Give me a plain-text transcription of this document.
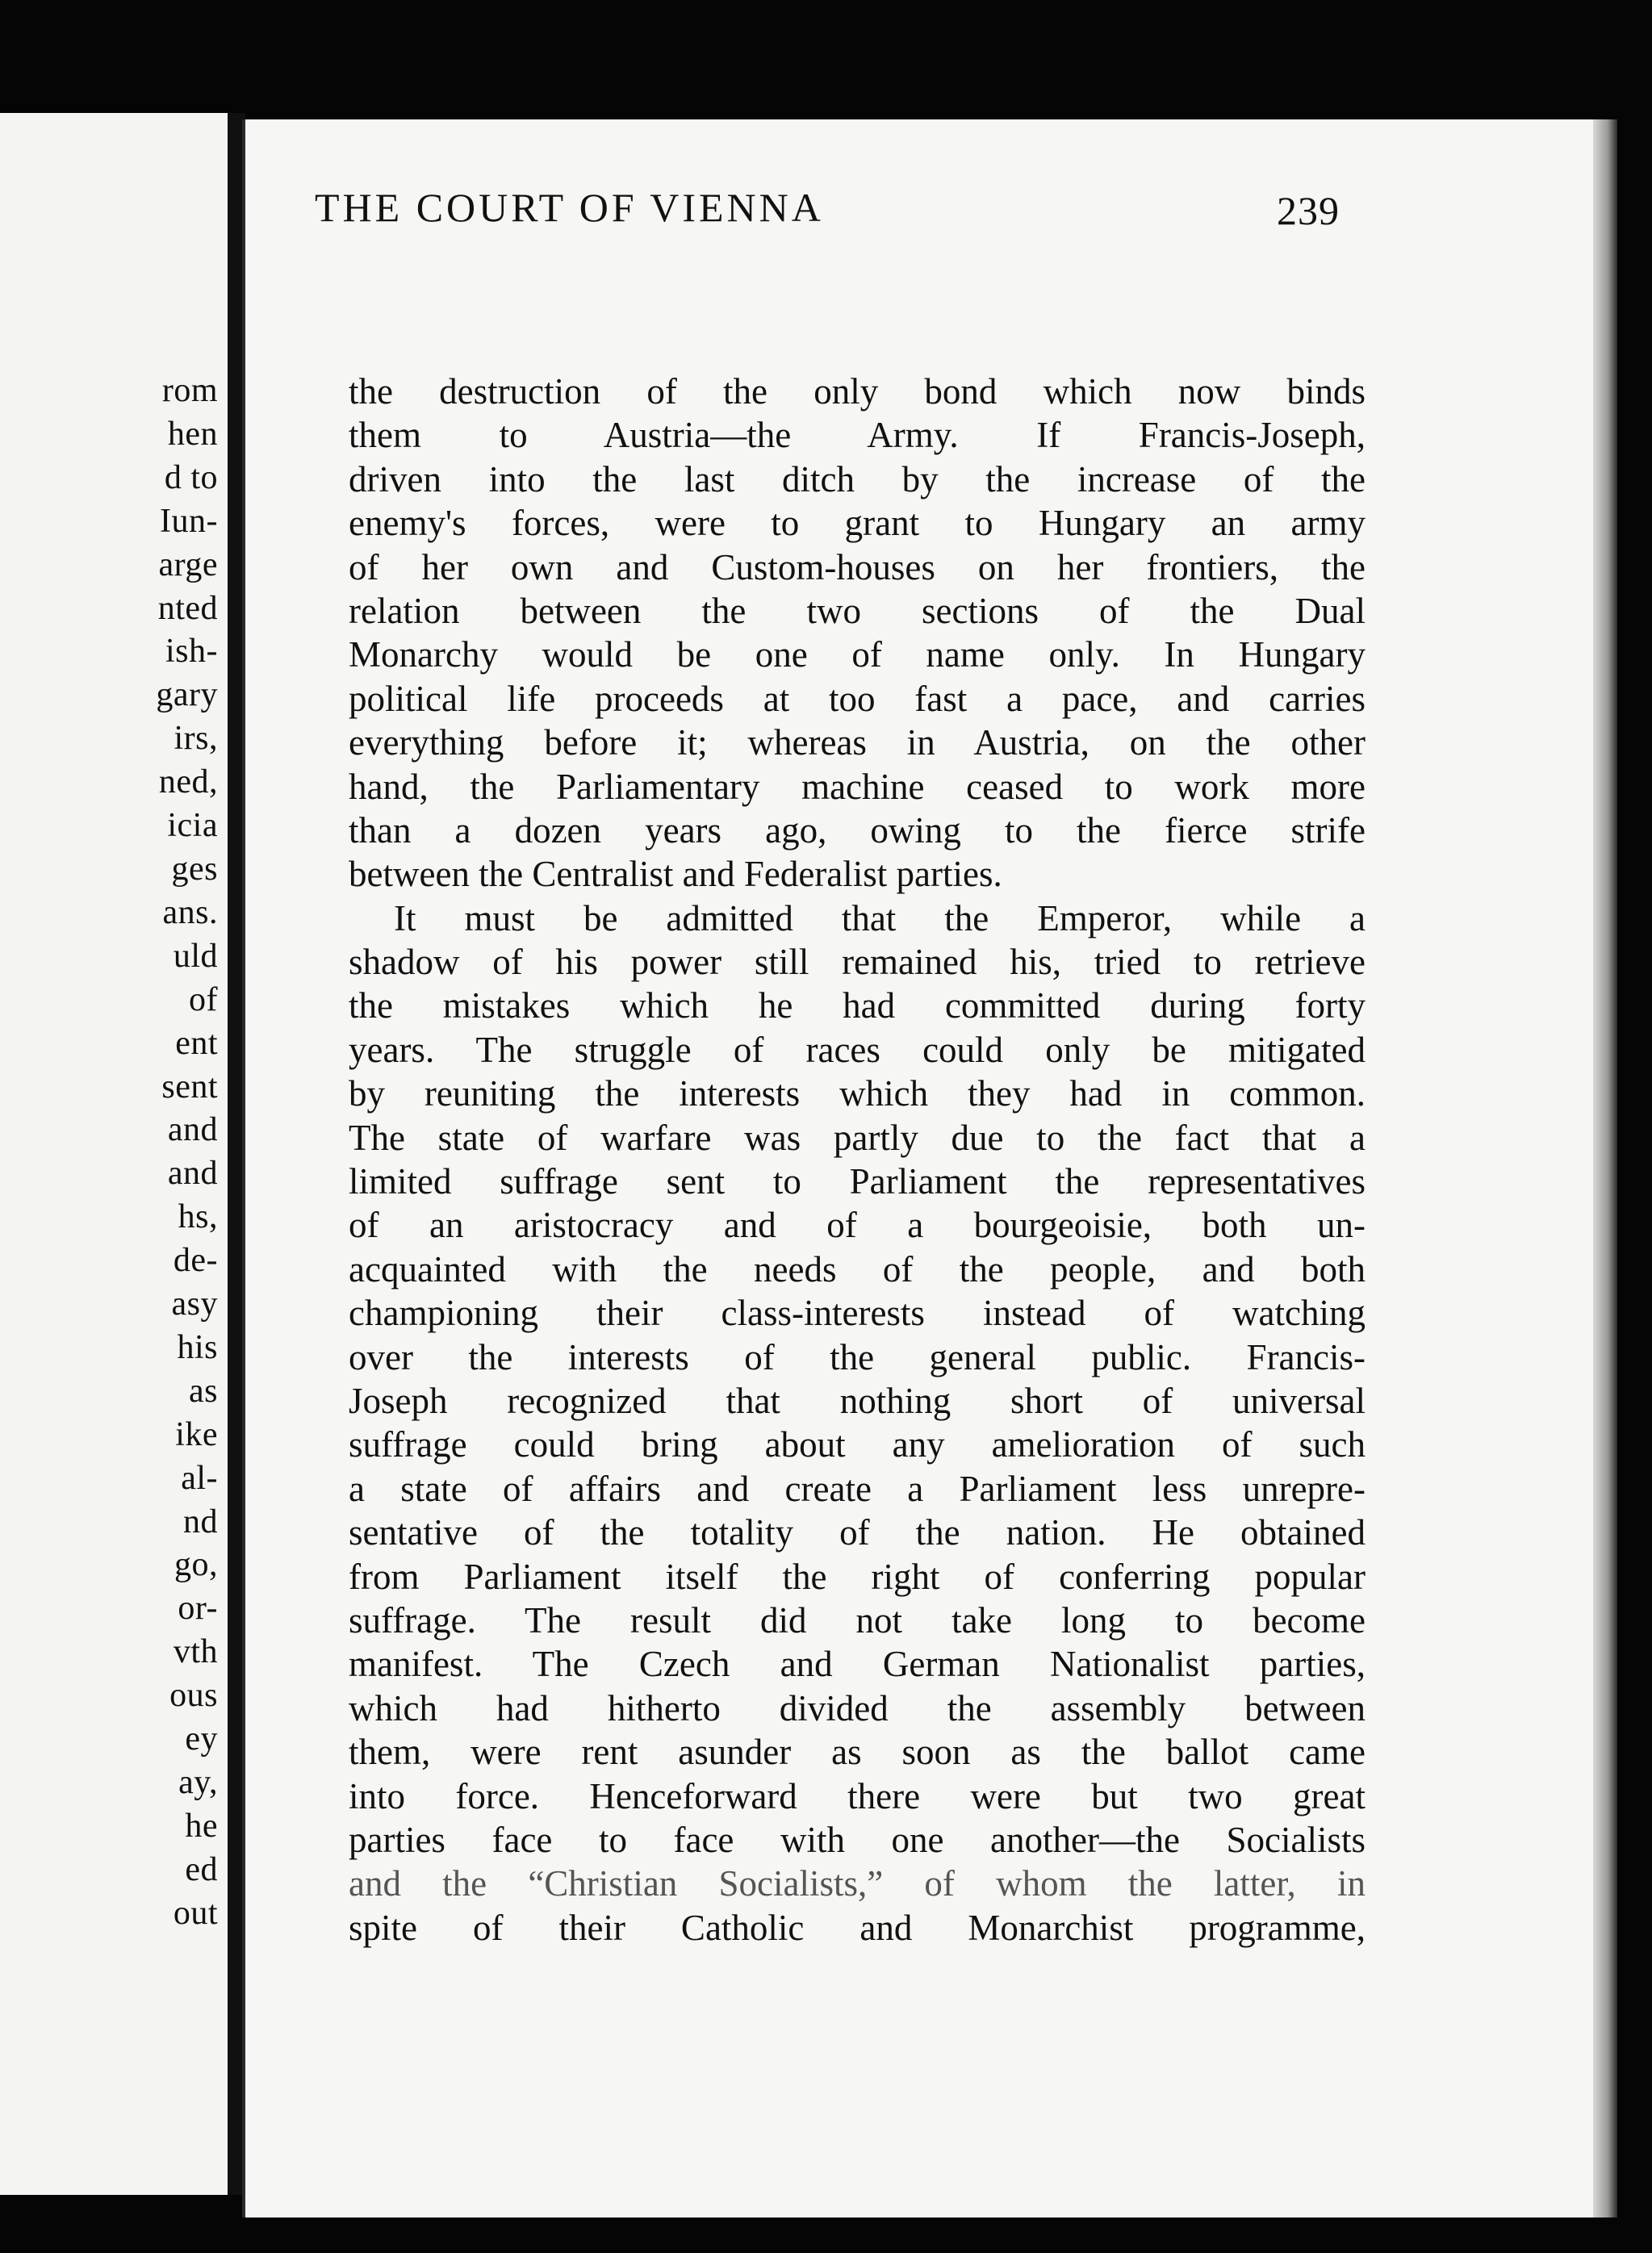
rom
hen
d to
Iun-
arge
nted
ish-
gary
irs,
ned,
icia
ges
ans.
uld
of
ent
sent
and
and
hs,
de-
asy
his
as
ike
al-
nd
go,
or-
vth
ous
ey
ay,
he
ed
out
THE COURT OF VIENNA	239
the destruction of the only bond which now binds
them to Austria—the Army. If Francis-Joseph,
driven into the last ditch by the increase of the
enemy's forces, were to grant to Hungary an army
of her own and Custom-houses on her frontiers, the
relation between the two sections of the Dual
Monarchy would be one of name only. In Hungary
political life proceeds at too fast a pace, and carries
everything before it; whereas in Austria, on the other
hand, the Parliamentary machine ceased to work more
than a dozen years ago, owing to the fierce strife
between the Centralist and Federalist parties.
It must be admitted that the Emperor, while a
shadow of his power still remained his, tried to retrieve
the mistakes which he had committed during forty
years. The struggle of races could only be mitigated
by reuniting the interests which they had in common.
The state of warfare was partly due to the fact that a
limited suffrage sent to Parliament the representatives
of an aristocracy and of a bourgeoisie, both un-
acquainted with the needs of the people, and both
championing their class-interests instead of watching
over the interests of the general public. Francis-
Joseph recognized that nothing short of universal
suffrage could bring about any amelioration of such
a state of affairs and create a Parliament less unrepre-
sentative of the totality of the nation. He obtained
from Parliament itself the right of conferring popular
suffrage. The result did not take long to become
manifest. The Czech and German Nationalist parties,
which had hitherto divided the assembly between
them, were rent asunder as soon as the ballot came
into force. Henceforward there were but two great
parties face to face with one another—the Socialists
and the “Christian Socialists,” of whom the latter, in
spite of their Catholic and Monarchist programme,
